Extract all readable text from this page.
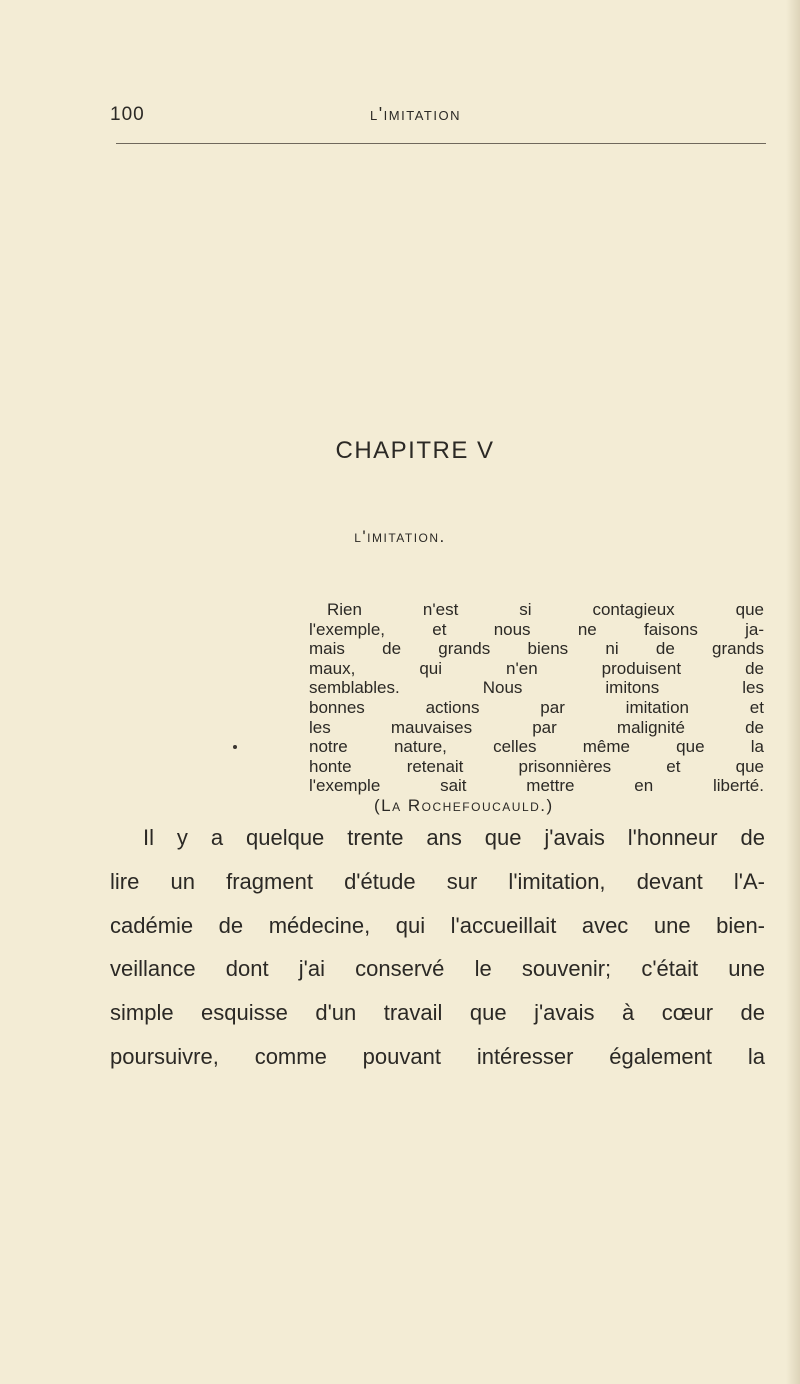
100	l'imitation
CHAPITRE V
l'imitation.
Rien n'est si contagieux que
l'exemple, et nous ne faisons ja-
mais de grands biens ni de grands
maux, qui n'en produisent de
semblables. Nous imitons les
bonnes actions par imitation et
les mauvaises par malignité de
notre nature, celles même que la
honte retenait prisonnières et que
l'exemple sait mettre en liberté.
(La Rochefoucauld.)
Il y a quelque trente ans que j'avais l'honneur de
lire un fragment d'étude sur l'imitation, devant l'A-
cadémie de médecine, qui l'accueillait avec une bien-
veillance dont j'ai conservé le souvenir; c'était une
simple esquisse d'un travail que j'avais à cœur de
poursuivre, comme pouvant intéresser également la
